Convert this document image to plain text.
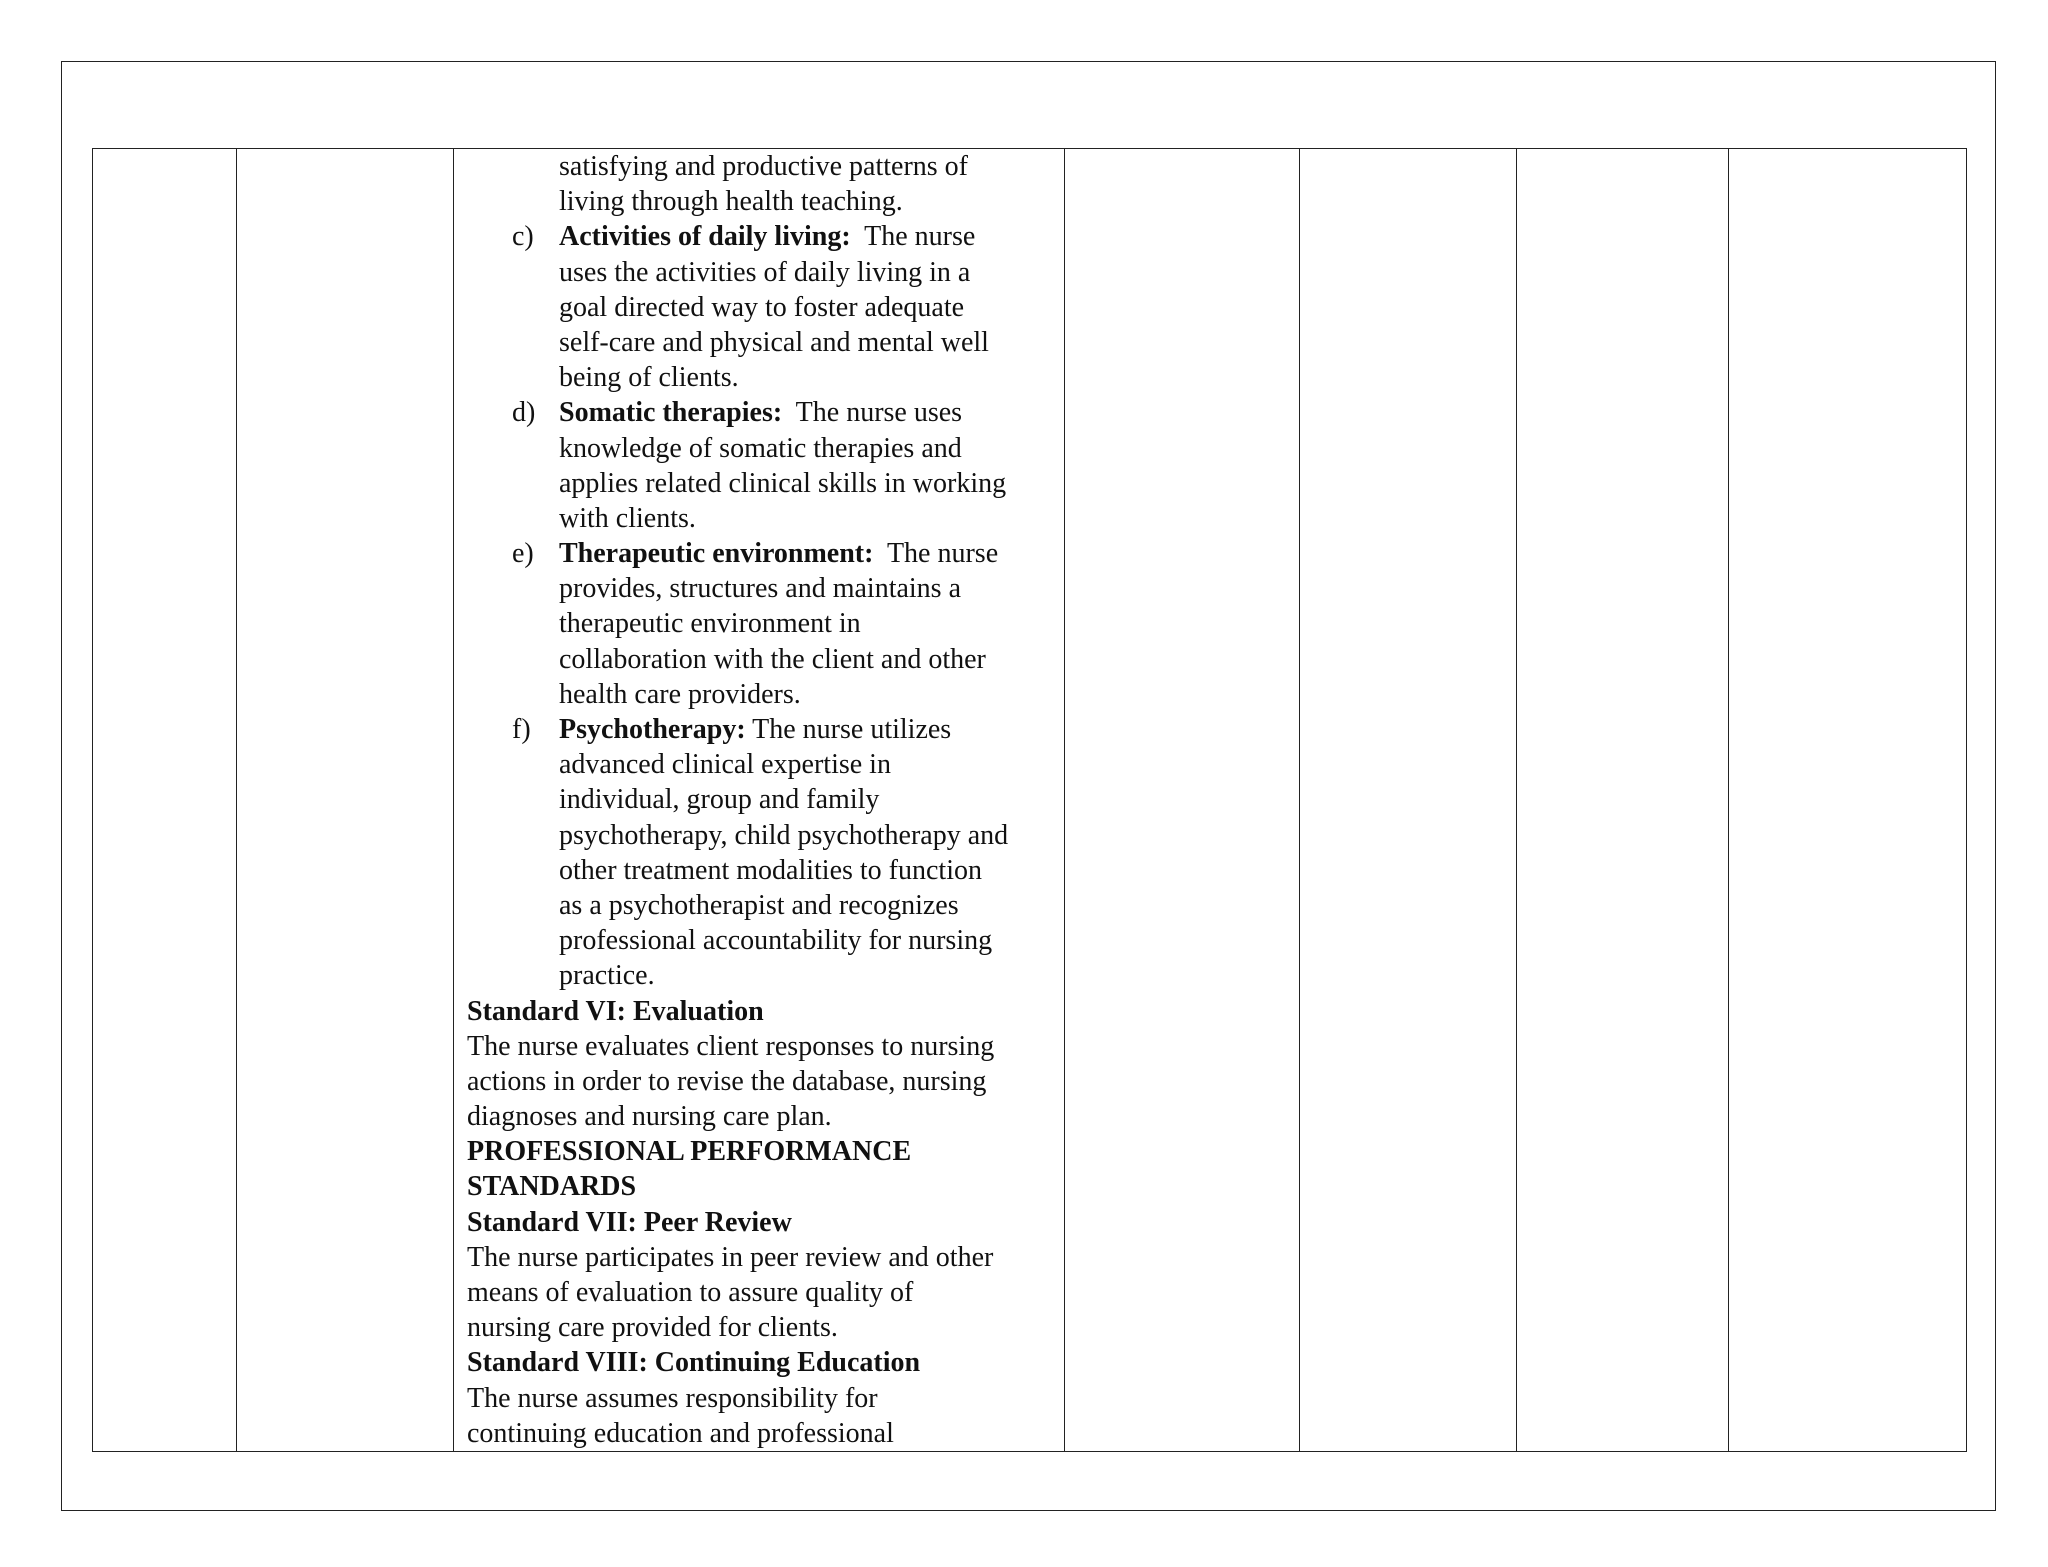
satisfying and productive patterns of
living through health teaching.
c) Activities of daily living:  The nurse
uses the activities of daily living in a
goal directed way to foster adequate
self-care and physical and mental well
being of clients.
d) Somatic therapies:  The nurse uses
knowledge of somatic therapies and
applies related clinical skills in working
with clients.
e) Therapeutic environment:  The nurse
provides, structures and maintains a
therapeutic environment in
collaboration with the client and other
health care providers.
f) Psychotherapy: The nurse utilizes
advanced clinical expertise in
individual, group and family
psychotherapy, child psychotherapy and
other treatment modalities to function
as a psychotherapist and recognizes
professional accountability for nursing
practice.
Standard VI: Evaluation
The nurse evaluates client responses to nursing
actions in order to revise the database, nursing
diagnoses and nursing care plan.
PROFESSIONAL PERFORMANCE
STANDARDS
Standard VII: Peer Review
The nurse participates in peer review and other
means of evaluation to assure quality of
nursing care provided for clients.
Standard VIII: Continuing Education
The nurse assumes responsibility for
continuing education and professional
